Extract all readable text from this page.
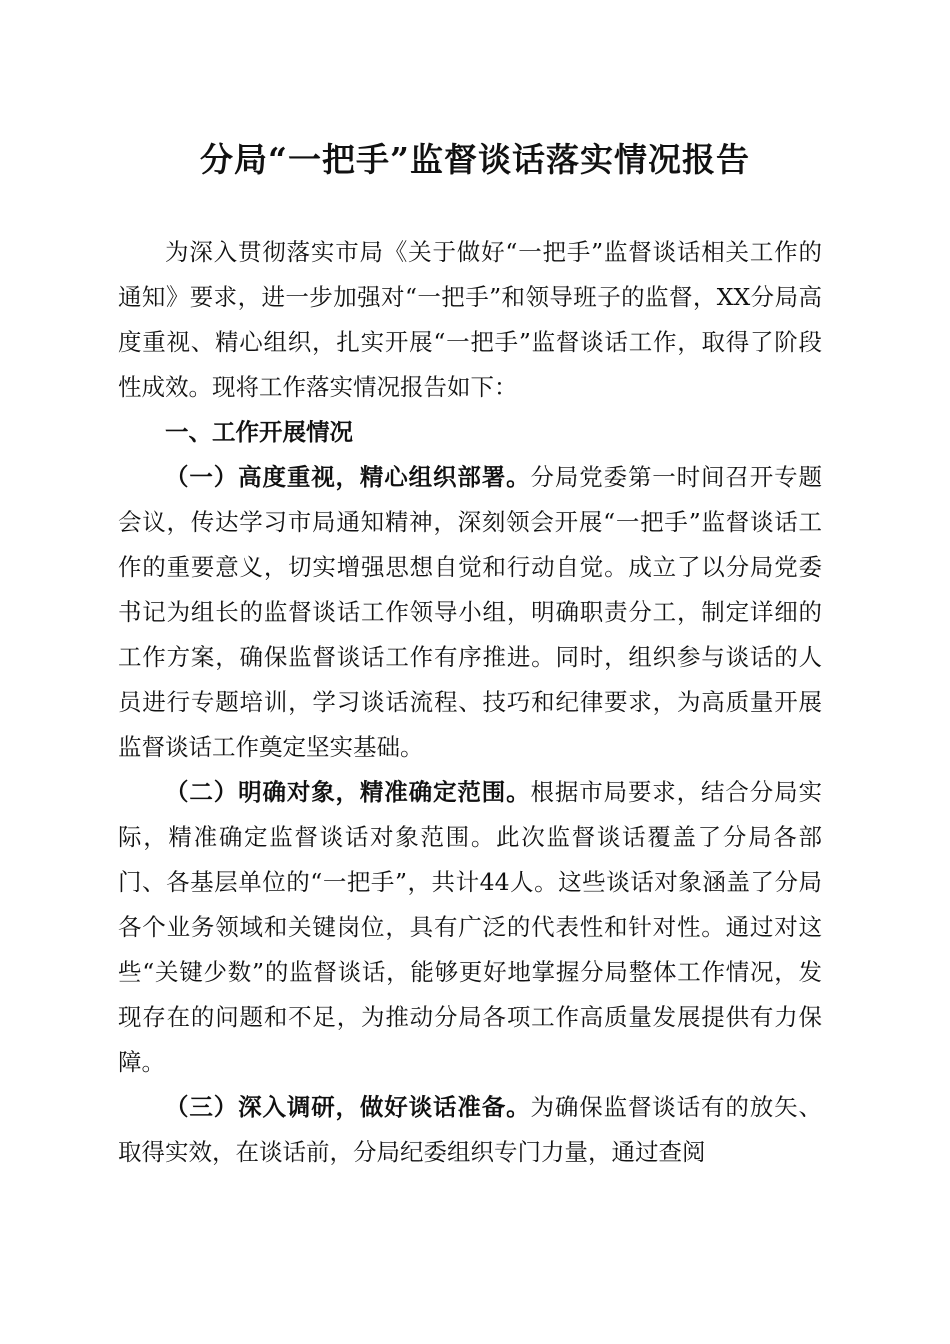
分局“一把手”监督谈话落实情况报告

为深入贯彻落实市局《关于做好“一把手”监督谈话相关工作的通知》要求，进一步加强对“一把手”和领导班子的监督，XX分局高度重视、精心组织，扎实开展“一把手”监督谈话工作，取得了阶段性成效。现将工作落实情况报告如下：

一、工作开展情况

（一）高度重视，精心组织部署。分局党委第一时间召开专题会议，传达学习市局通知精神，深刻领会开展“一把手”监督谈话工作的重要意义，切实增强思想自觉和行动自觉。成立了以分局党委书记为组长的监督谈话工作领导小组，明确职责分工，制定详细的工作方案，确保监督谈话工作有序推进。同时，组织参与谈话的人员进行专题培训，学习谈话流程、技巧和纪律要求，为高质量开展监督谈话工作奠定坚实基础。

（二）明确对象，精准确定范围。根据市局要求，结合分局实际，精准确定监督谈话对象范围。此次监督谈话覆盖了分局各部门、各基层单位的“一把手”，共计44人。这些谈话对象涵盖了分局各个业务领域和关键岗位，具有广泛的代表性和针对性。通过对这些“关键少数”的监督谈话，能够更好地掌握分局整体工作情况，发现存在的问题和不足，为推动分局各项工作高质量发展提供有力保障。

（三）深入调研，做好谈话准备。为确保监督谈话有的放矢、取得实效，在谈话前，分局纪委组织专门力量，通过查阅
